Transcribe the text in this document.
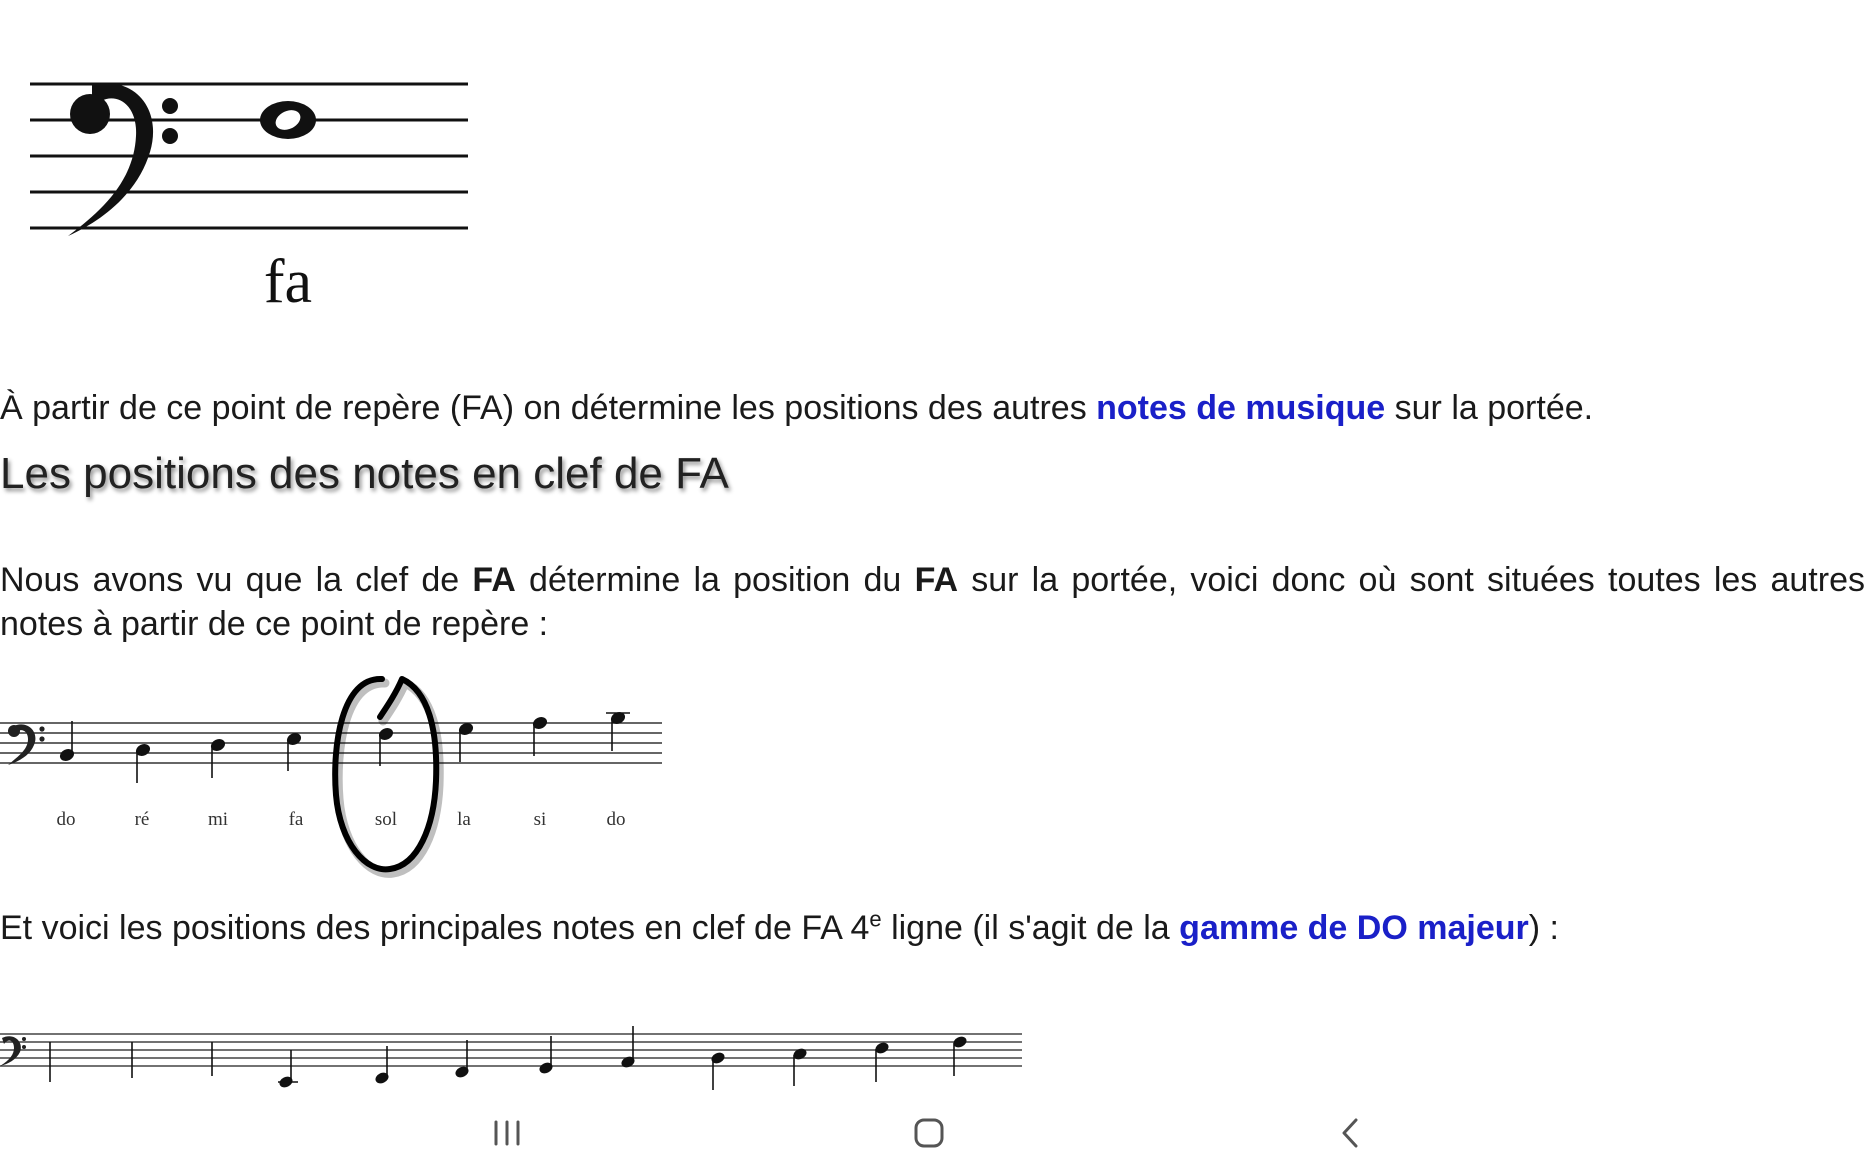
fa
À partir de ce point de repère (FA) on détermine les positions des autres notes de musique sur la portée.
Les positions des notes en clef de FA
Nous avons vu que la clef de FA détermine la position du FA sur la portée, voici donc où sont situées toutes les autres
notes à partir de ce point de repère :
do	ré	mi	fa	sol	la	si	do
Et voici les positions des principales notes en clef de FA 4e ligne (il s'agit de la gamme de DO majeur) :
